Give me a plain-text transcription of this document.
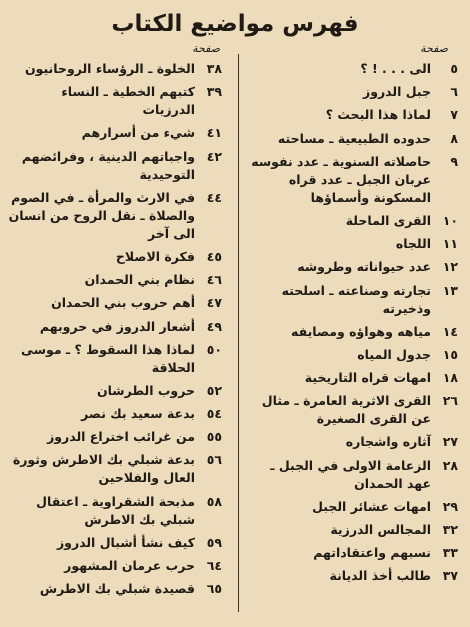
فهرس مواضيع الكتاب
صفحة
صفحة
٥
الى . . . ! ؟
٦
جبل الدروز
٧
لماذا هذا البحث ؟
٨
حدوده الطبيعية ـ مساحته
٩
حاصلاته السنوية ـ عدد نفوسه عربان الجبل ـ عدد قراه المسكونة وأسماؤها
١٠
القرى الماحلة
١١
اللجاه
١٢
عدد حيواناته وطروشه
١٣
تجارته وصناعته ـ اسلحته وذخيرته
١٤
مياهه وهواؤه ومصايفه
١٥
جدول المياه
١٨
امهات قراه التاريخية
٢٦
القرى الاثرية العامرة ـ مثال عن القرى الصغيرة
٢٧
آثاره واشجاره
٢٨
الزعامة الاولى في الجبل ـ عهد الحمدان
٢٩
امهات عشائر الجبل
٣٢
المجالس الدرزية
٣٣
نسبهم واعتقاداتهم
٣٧
طالب أخذ الديانة
٣٨
الخلوة ـ الرؤساء الروحانيون
٣٩
كتبهم الخطية ـ النساء الدرزيات
٤١
شيء من أسرارهم
٤٢
واجباتهم الدينية ، وفرائضهم التوحيدية
٤٤
في الارث والمرأة ـ في الصوم والصلاة ـ نقل الروح من انسان الى آخر
٤٥
فكرة الاصلاح
٤٦
نظام بني الحمدان
٤٧
أهم حروب بني الحمدان
٤٩
أشعار الدروز في حروبهم
٥٠
لماذا هذا السقوط ؟ ـ موسى الحلاقة
٥٢
حروب الطرشان
٥٤
بدعة سعيد بك نصر
٥٥
من غرائب اختراع الدروز
٥٦
بدعة شبلي بك الاطرش وثورة العال والفلاحين
٥٨
مذبحة الشقراوية ـ اعتقال شبلي بك الاطرش
٥٩
كيف نشأ أشبال الدروز
٦٤
حرب عرمان المشهور
٦٥
قصيدة شبلي بك الاطرش
